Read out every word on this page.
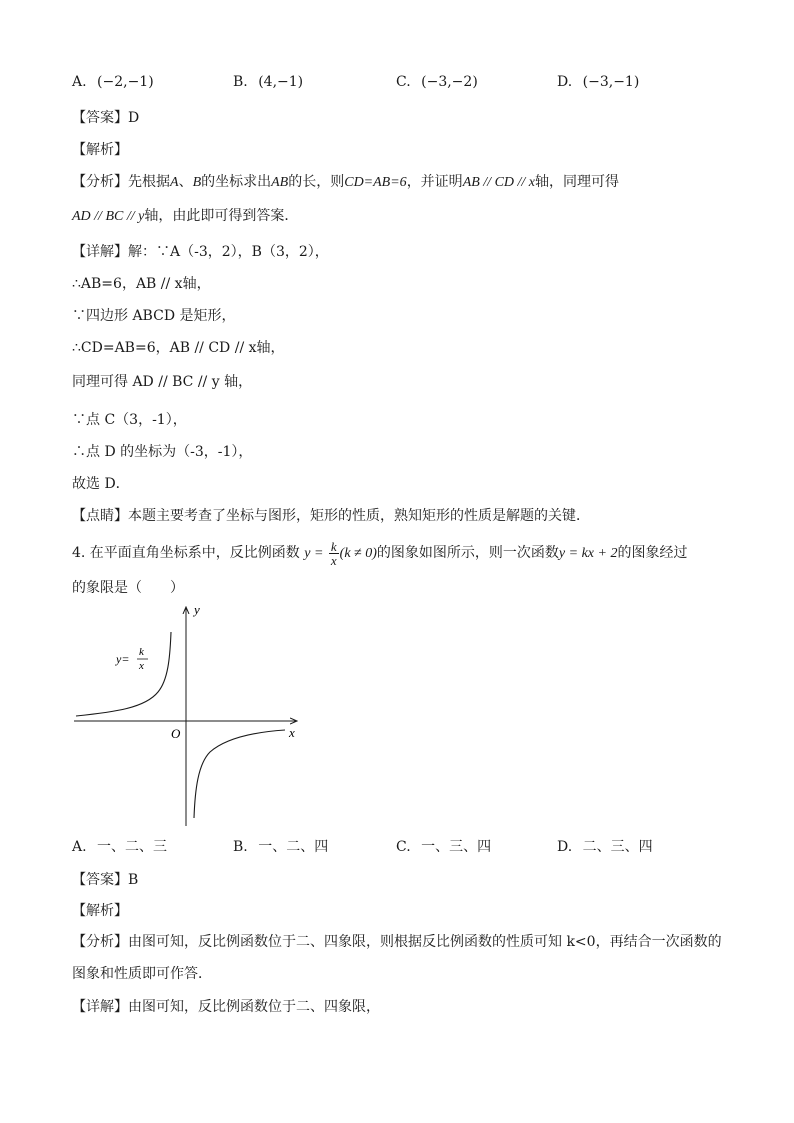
A. (−2,−1)	B. (4,−1)	C. (−3,−2)	D. (−3,−1)
【答案】D
【解析】
【分析】先根据A、B的坐标求出AB的长，则CD=AB=6，并证明AB // CD // x轴，同理可得
AD // BC // y轴，由此即可得到答案．
【详解】解：∵A（-3，2），B（3，2），
∴AB=6，AB // x轴，
∵四边形 ABCD 是矩形，
∴CD=AB=6，AB // CD // x轴，
同理可得 AD // BC // y 轴，
∵点 C（3，-1），
∴点 D 的坐标为（-3，-1），
故选 D．
【点睛】本题主要考查了坐标与图形，矩形的性质，熟知矩形的性质是解题的关键．
4. 在平面直角坐标系中，反比例函数 $y = \frac{k}{x} (k \ne 0)$的图象如图所示，则一次函数y = kx + 2的图象经过
的象限是（　　）
y
x
O
y= k
x
A. 一、二、三	B. 一、二、四	C. 一、三、四	D. 二、三、四
【答案】B
【解析】
【分析】由图可知，反比例函数位于二、四象限，则根据反比例函数的性质可知 k<0，再结合一次函数的
图象和性质即可作答．
【详解】由图可知，反比例函数位于二、四象限，
